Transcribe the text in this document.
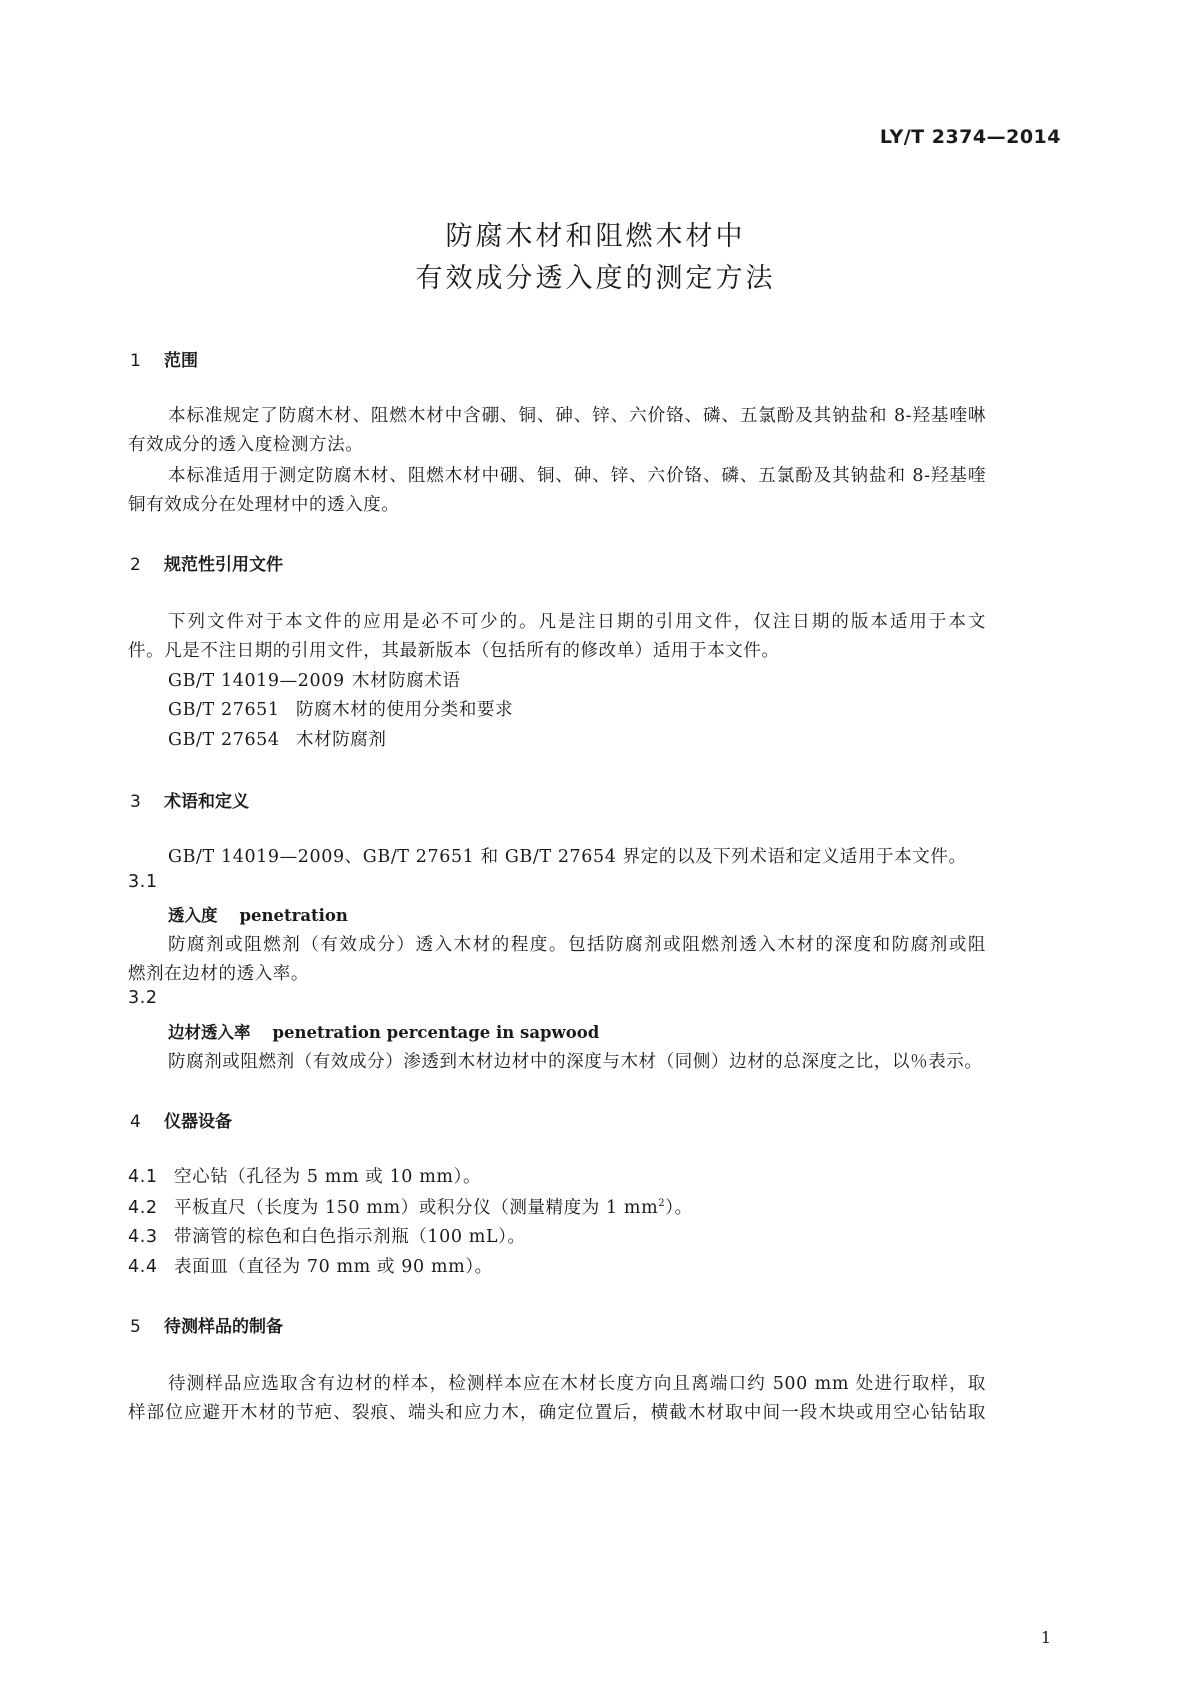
LY/T 2374—2014
防腐木材和阻燃木材中
有效成分透入度的测定方法
1 范围
本标准规定了防腐木材、阻燃木材中含硼、铜、砷、锌、六价铬、磷、五氯酚及其钠盐和 8-羟基喹啉
有效成分的透入度检测方法。
本标准适用于测定防腐木材、阻燃木材中硼、铜、砷、锌、六价铬、磷、五氯酚及其钠盐和 8-羟基喹
铜有效成分在处理材中的透入度。
2 规范性引用文件
下列文件对于本文件的应用是必不可少的。凡是注日期的引用文件，仅注日期的版本适用于本文
件。凡是不注日期的引用文件，其最新版本（包括所有的修改单）适用于本文件。
GB/T 14019—2009 木材防腐术语
GB/T 27651 防腐木材的使用分类和要求
GB/T 27654 木材防腐剂
3 术语和定义
GB/T 14019—2009、GB/T 27651 和 GB/T 27654 界定的以及下列术语和定义适用于本文件。
3.1
透入度 penetration
防腐剂或阻燃剂（有效成分）透入木材的程度。包括防腐剂或阻燃剂透入木材的深度和防腐剂或阻
燃剂在边材的透入率。
3.2
边材透入率 penetration percentage in sapwood
防腐剂或阻燃剂（有效成分）渗透到木材边材中的深度与木材（同侧）边材的总深度之比，以％表示。
4 仪器设备
4.1 空心钻（孔径为 5 mm 或 10 mm）。
4.2 平板直尺（长度为 150 mm）或积分仪（测量精度为 1 $mm^2$）。
4.3 带滴管的棕色和白色指示剂瓶（100 mL）。
4.4 表面皿（直径为 70 mm 或 90 mm）。
5 待测样品的制备
待测样品应选取含有边材的样本，检测样本应在木材长度方向且离端口约 500 mm 处进行取样，取
样部位应避开木材的节疤、裂痕、端头和应力木，确定位置后，横截木材取中间一段木块或用空心钻钻取
1
